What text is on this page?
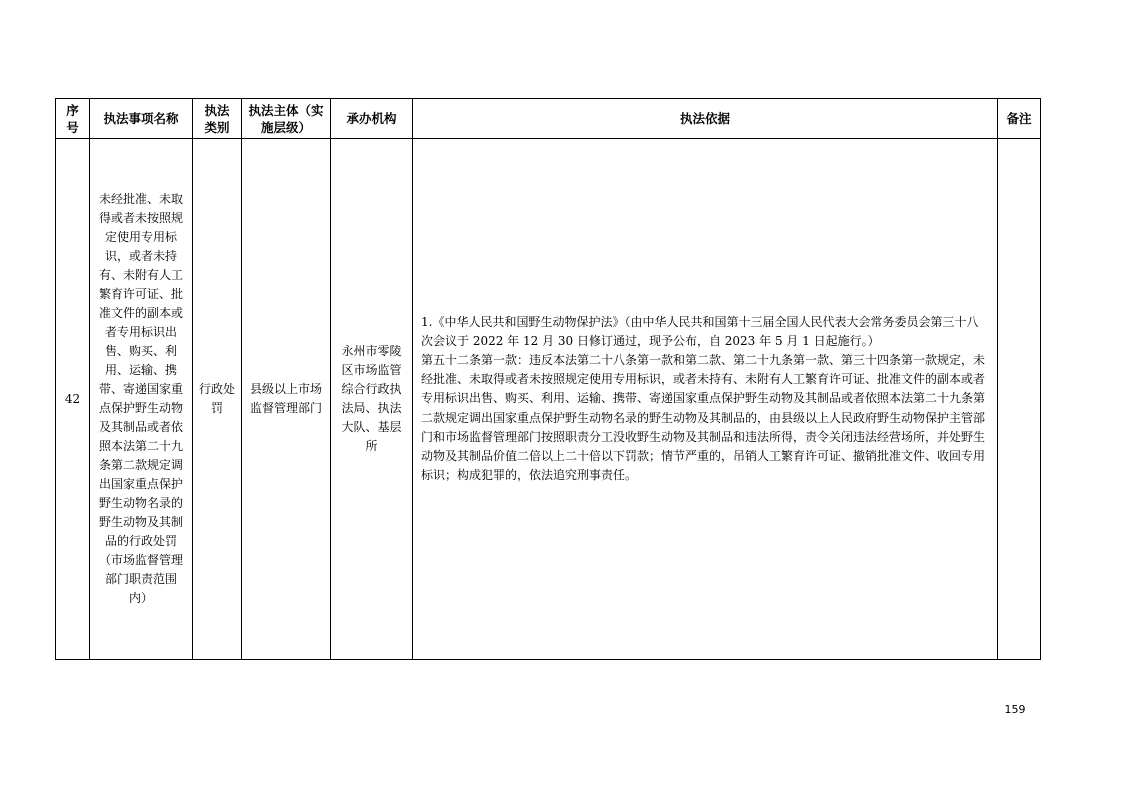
序号	执法事项名称	执法类别	执法主体（实施层级）	承办机构	执法依据	备注
42	未经批准、未取得或者未按照规定使用专用标识，或者未持有、未附有人工繁育许可证、批准文件的副本或者专用标识出售、购买、利用、运输、携带、寄递国家重点保护野生动物及其制品或者依照本法第二十九条第二款规定调出国家重点保护野生动物名录的野生动物及其制品的行政处罚（市场监督管理部门职责范围内）	行政处罚	县级以上市场监督管理部门	永州市零陵区市场监管综合行政执法局、执法大队、基层所	1.《中华人民共和国野生动物保护法》（由中华人民共和国第十三届全国人民代表大会常务委员会第三十八次会议于 2022 年 12 月 30 日修订通过，现予公布，自 2023 年 5 月 1 日起施行。）

第五十二条第一款：违反本法第二十八条第一款和第二款、第二十九条第一款、第三十四条第一款规定，未经批准、未取得或者未按照规定使用专用标识，或者未持有、未附有人工繁育许可证、批准文件的副本或者专用标识出售、购买、利用、运输、携带、寄递国家重点保护野生动物及其制品或者依照本法第二十九条第二款规定调出国家重点保护野生动物名录的野生动物及其制品的，由县级以上人民政府野生动物保护主管部门和市场监督管理部门按照职责分工没收野生动物及其制品和违法所得，责令关闭违法经营场所，并处野生动物及其制品价值二倍以上二十倍以下罚款；情节严重的，吊销人工繁育许可证、撤销批准文件、收回专用标识；构成犯罪的，依法追究刑事责任。	

159
